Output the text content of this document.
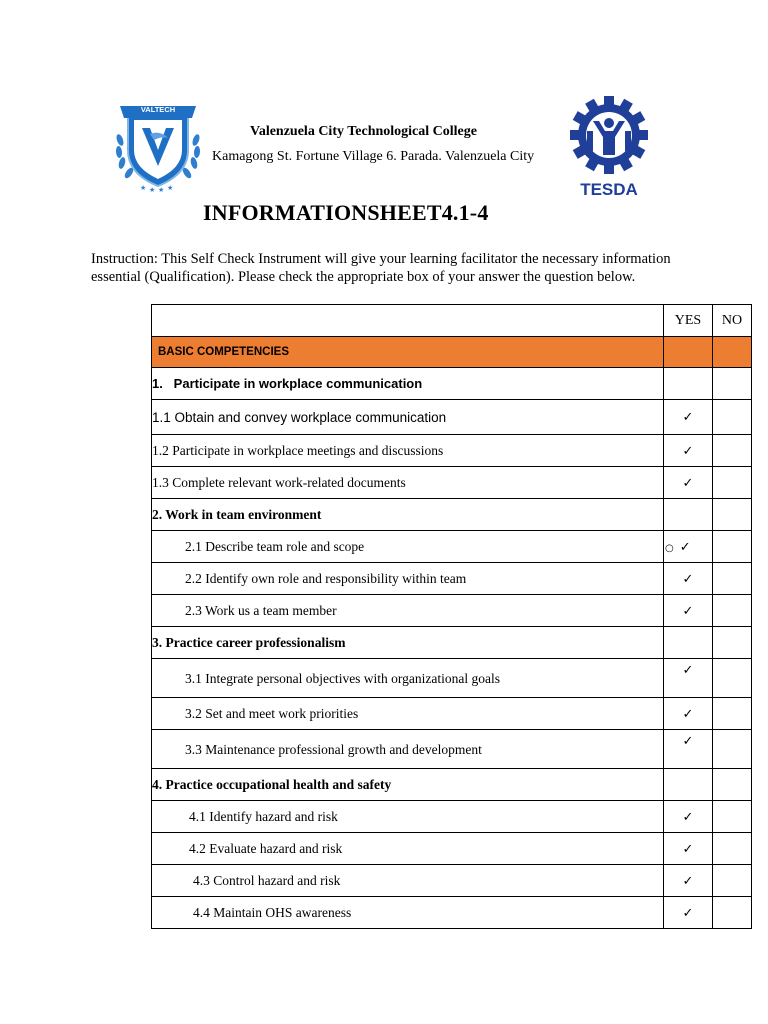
★ ★ ★ ★
VALTECH
TESDA
Valenzuela City Technological College
Kamagong St. Fortune Village 6. Parada. Valenzuela City
INFORMATIONSHEET4.1-4
Instruction: This Self Check Instrument will give your learning facilitator the necessary information essential (Qualification). Please check the appropriate box of your answer the question below.
	YES	NO
BASIC COMPETENCIES		
1.   Participate in workplace communication		
1.1 Obtain and convey workplace communication	✓	
1.2 Participate in workplace meetings and discussions	✓	
1.3 Complete relevant work-related documents	✓	
2. Work in team environment		
2.1 Describe team role and scope	○ ✓	
2.2 Identify own role and responsibility within team	✓	
2.3 Work us a team member	✓	
3. Practice career professionalism		
3.1 Integrate personal objectives with organizational goals	✓	
3.2 Set and meet work priorities	✓	
3.3 Maintenance professional growth and development	✓	
4. Practice occupational health and safety		
4.1 Identify hazard and risk	✓	
4.2 Evaluate hazard and risk	✓	
4.3 Control hazard and risk	✓	
4.4 Maintain OHS awareness	✓	
